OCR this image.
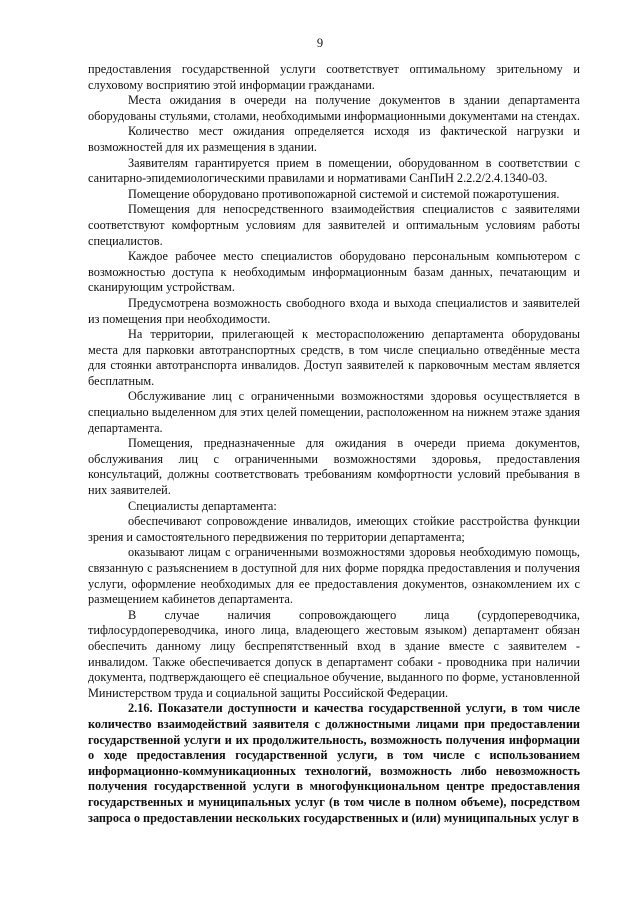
9

предоставления государственной услуги соответствует оптимальному зрительному и слуховому восприятию этой информации гражданами.

Места ожидания в очереди на получение документов в здании департамента оборудованы стульями, столами, необходимыми информационными документами на стендах.

Количество мест ожидания определяется исходя из фактической нагрузки и возможностей для их размещения в здании.

Заявителям гарантируется прием в помещении, оборудованном в соответствии с санитарно-эпидемиологическими правилами и нормативами СанПиН 2.2.2/2.4.1340-03.

Помещение оборудовано противопожарной системой и системой пожаротушения.

Помещения для непосредственного взаимодействия специалистов с заявителями соответствуют комфортным условиям для заявителей и оптимальным условиям работы специалистов.

Каждое рабочее место специалистов оборудовано персональным компьютером с возможностью доступа к необходимым информационным базам данных, печатающим и сканирующим устройствам.

Предусмотрена возможность свободного входа и выхода специалистов и заявителей из помещения при необходимости.

На территории, прилегающей к месторасположению департамента оборудованы места для парковки автотранспортных средств, в том числе специально отведённые места для стоянки автотранспорта инвалидов. Доступ заявителей к парковочным местам является бесплатным.

Обслуживание лиц с ограниченными возможностями здоровья осуществляется в специально выделенном для этих целей помещении, расположенном на нижнем этаже здания департамента.

Помещения, предназначенные для ожидания в очереди приема документов, обслуживания лиц с ограниченными возможностями здоровья, предоставления консультаций, должны соответствовать требованиям комфортности условий пребывания в них заявителей.

Специалисты департамента:

обеспечивают сопровождение инвалидов, имеющих стойкие расстройства функции зрения и самостоятельного передвижения по территории департамента;

оказывают лицам с ограниченными возможностями здоровья необходимую помощь, связанную с разъяснением в доступной для них форме порядка предоставления и получения услуги, оформление необходимых для ее предоставления документов, ознакомлением их с размещением кабинетов департамента.

В случае наличия сопровождающего лица (сурдопереводчика, тифлосурдопереводчика, иного лица, владеющего жестовым языком) департамент обязан обеспечить данному лицу беспрепятственный вход в здание вместе с заявителем - инвалидом. Также обеспечивается допуск в департамент собаки - проводника при наличии документа, подтверждающего её специальное обучение, выданного по форме, установленной Министерством труда и социальной защиты Российской Федерации.

2.16. Показатели доступности и качества государственной услуги, в том числе количество взаимодействий заявителя с должностными лицами при предоставлении государственной услуги и их продолжительность, возможность получения информации о ходе предоставления государственной услуги, в том числе с использованием информационно-коммуникационных технологий, возможность либо невозможность получения государственной услуги в многофункциональном центре предоставления государственных и муниципальных услуг (в том числе в полном объеме), посредством запроса о предоставлении нескольких государственных и (или) муниципальных услуг в
